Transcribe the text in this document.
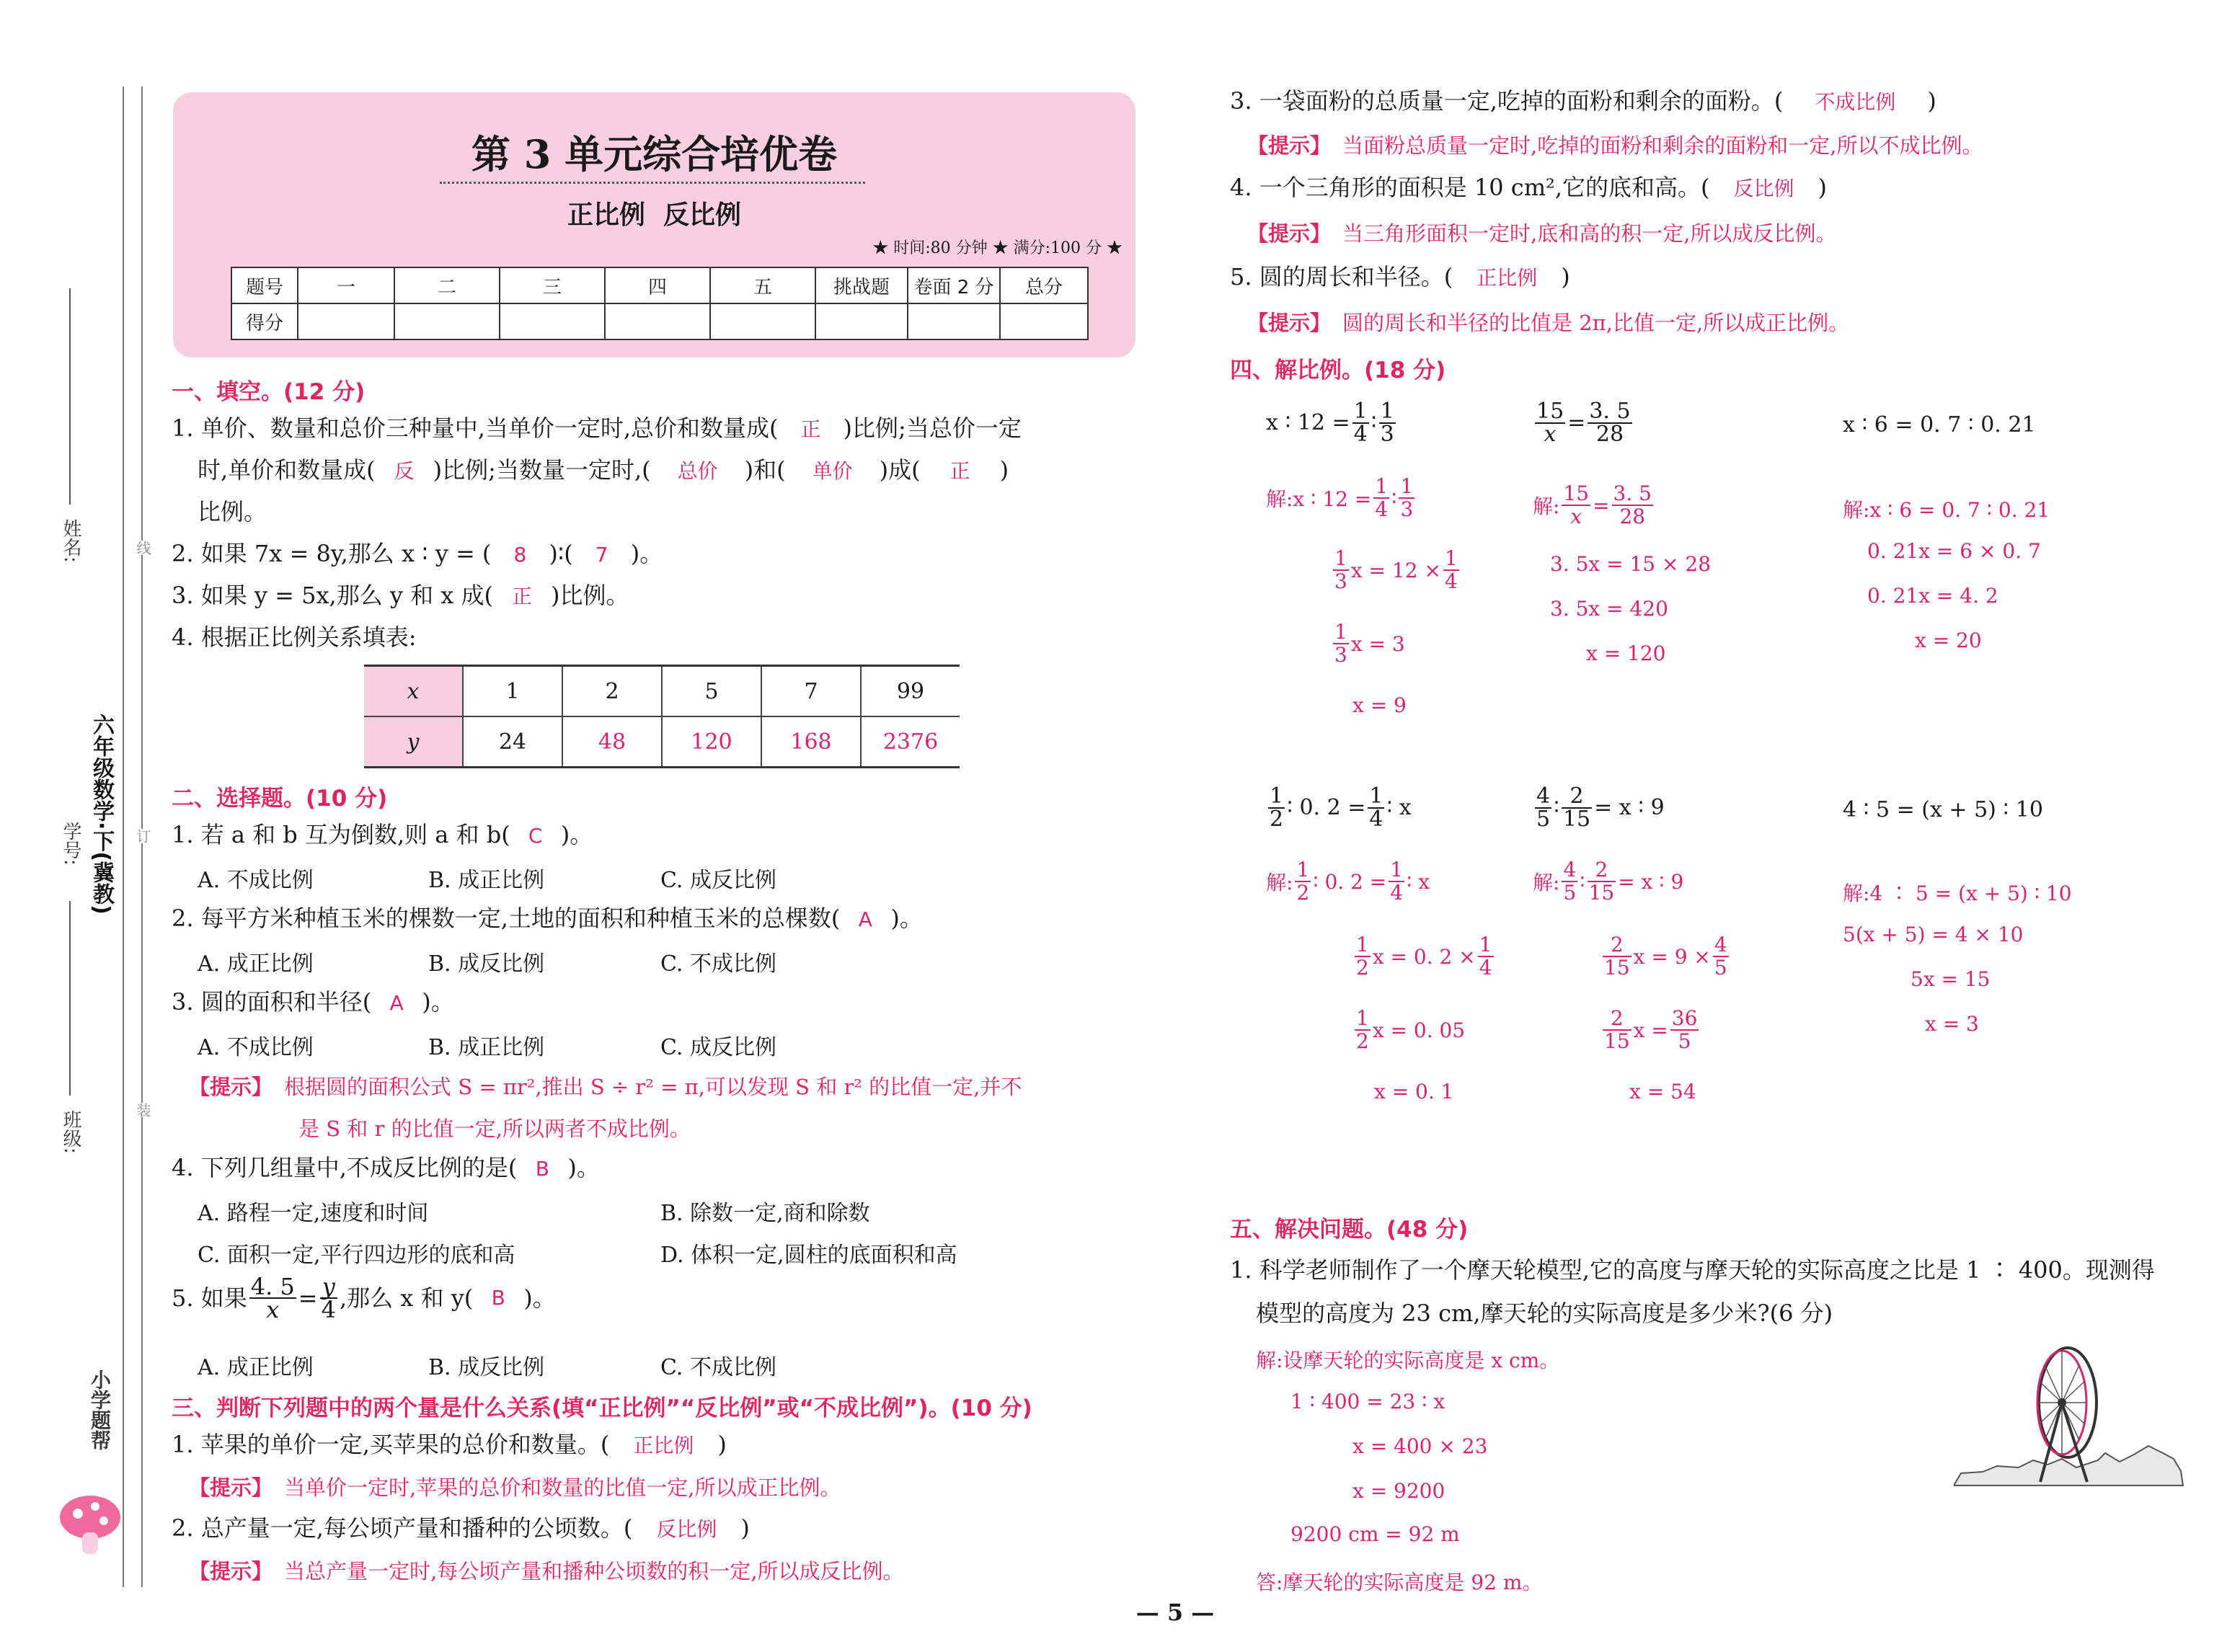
姓名:
学号:
班级:
六年级数学·下(冀教)
小学题帮
线
订
装
第 3 单元综合培优卷
正比例  反比例
★ 时间:80 分钟 ★ 满分:100 分 ★
题号	一	二	三	四	五	挑战题	卷面 2 分	总分
得分								
一、填空。(12 分)
1. 单价、数量和总价三种量中,当单价一定时,总价和数量成( 正 )比例;当总价一定
时,单价和数量成( 反 )比例;当数量一定时,( 总价 )和( 单价 )成( 正 )
比例。
2. 如果 7x = 8y,那么 x ∶ y = ( 8 )∶( 7 )。
3. 如果 y = 5x,那么 y 和 x 成( 正 )比例。
4. 根据正比例关系填表:
x	1	2	5	7	99
y	24	48	120	168	2376
二、选择题。(10 分)
1. 若 a 和 b 互为倒数,则 a 和 b( C )。
A. 不成比例	B. 成正比例	C. 成反比例
2. 每平方米种植玉米的棵数一定,土地的面积和种植玉米的总棵数( A )。
A. 成正比例	B. 成反比例	C. 不成比例
3. 圆的面积和半径( A )。
A. 不成比例	B. 成正比例	C. 成反比例
【提示】 根据圆的面积公式 S = πr²,推出 S ÷ r² = π,可以发现 S 和 r² 的比值一定,并不
是 S 和 r 的比值一定,所以两者不成比例。
4. 下列几组量中,不成反比例的是( B )。
A. 路程一定,速度和时间	B. 除数一定,商和除数
C. 面积一定,平行四边形的底和高	D. 体积一定,圆柱的底面积和高
5. 如果 $\frac{4. 5}{x} = \frac{y}{4}$ ,那么 x 和 y( B )。
A. 成正比例	B. 成反比例	C. 不成比例
三、判断下列题中的两个量是什么关系(填“正比例”“反比例”或“不成比例”)。(10 分)
1. 苹果的单价一定,买苹果的总价和数量。( 正比例 )
【提示】 当单价一定时,苹果的总价和数量的比值一定,所以成正比例。
2. 总产量一定,每公顷产量和播种的公顷数。( 反比例 )
【提示】 当总产量一定时,每公顷产量和播种公顷数的积一定,所以成反比例。
3. 一袋面粉的总质量一定,吃掉的面粉和剩余的面粉。( 不成比例 )
【提示】 当面粉总质量一定时,吃掉的面粉和剩余的面粉和一定,所以不成比例。
4. 一个三角形的面积是 10 cm²,它的底和高。( 反比例 )
【提示】 当三角形面积一定时,底和高的积一定,所以成反比例。
5. 圆的周长和半径。( 正比例 )
【提示】 圆的周长和半径的比值是 2π,比值一定,所以成正比例。
四、解比例。(18 分)
x ∶ $12 = \frac{1}{4}$ ∶ 1
3
解:x ∶ $12 = \frac{1}{4}$ ∶ 1
3
1
3 $x = 12 \times \frac{1}{4}$
1
3 x = 3
x = 9
$\frac{15}{x} = \frac{3. 5}{28}$
解: $\frac{15}{x} = \frac{3. 5}{28}$
3. 5x = 15 × 28
3. 5x = 420
x = 120
x ∶ 6 = 0. 7 ∶ 0. 21
解:x ∶ 6 = 0. 7 ∶ 0. 21
0. 21x = 6 × 0. 7
0. 21x = 4. 2
x = 20
1
2 ∶ 0. $2 = \frac{1}{4}$ ∶ x
解:
1
2 ∶ 0. $2 = \frac{1}{4}$ ∶ x
1
2 x = 0. $2 \times \frac{1}{4}$
1
2 x = 0. 05
x = 0. 1
4
5 ∶ $\frac{2}{15} = x$ ∶ 9
解:
4
5 ∶ $\frac{2}{15} = x$ ∶ 9
2
15 $x = 9 \times \frac{4}{5}$
2
15 $x = \frac{36}{5}$
x = 54
4 ∶ 5 = (x + 5) ∶ 10
解:4 ∶ 5 = (x + 5) ∶ 10
5(x + 5) = 4 × 10
5x = 15
x = 3
五、解决问题。(48 分)
1. 科学老师制作了一个摩天轮模型,它的高度与摩天轮的实际高度之比是 1 ∶ 400。现测得
模型的高度为 23 cm,摩天轮的实际高度是多少米?(6 分)
解:设摩天轮的实际高度是 x cm。
1 ∶ 400 = 23 ∶ x
x = 400 × 23
x = 9200
9200 cm = 92 m
答:摩天轮的实际高度是 92 m。
— 5 —
